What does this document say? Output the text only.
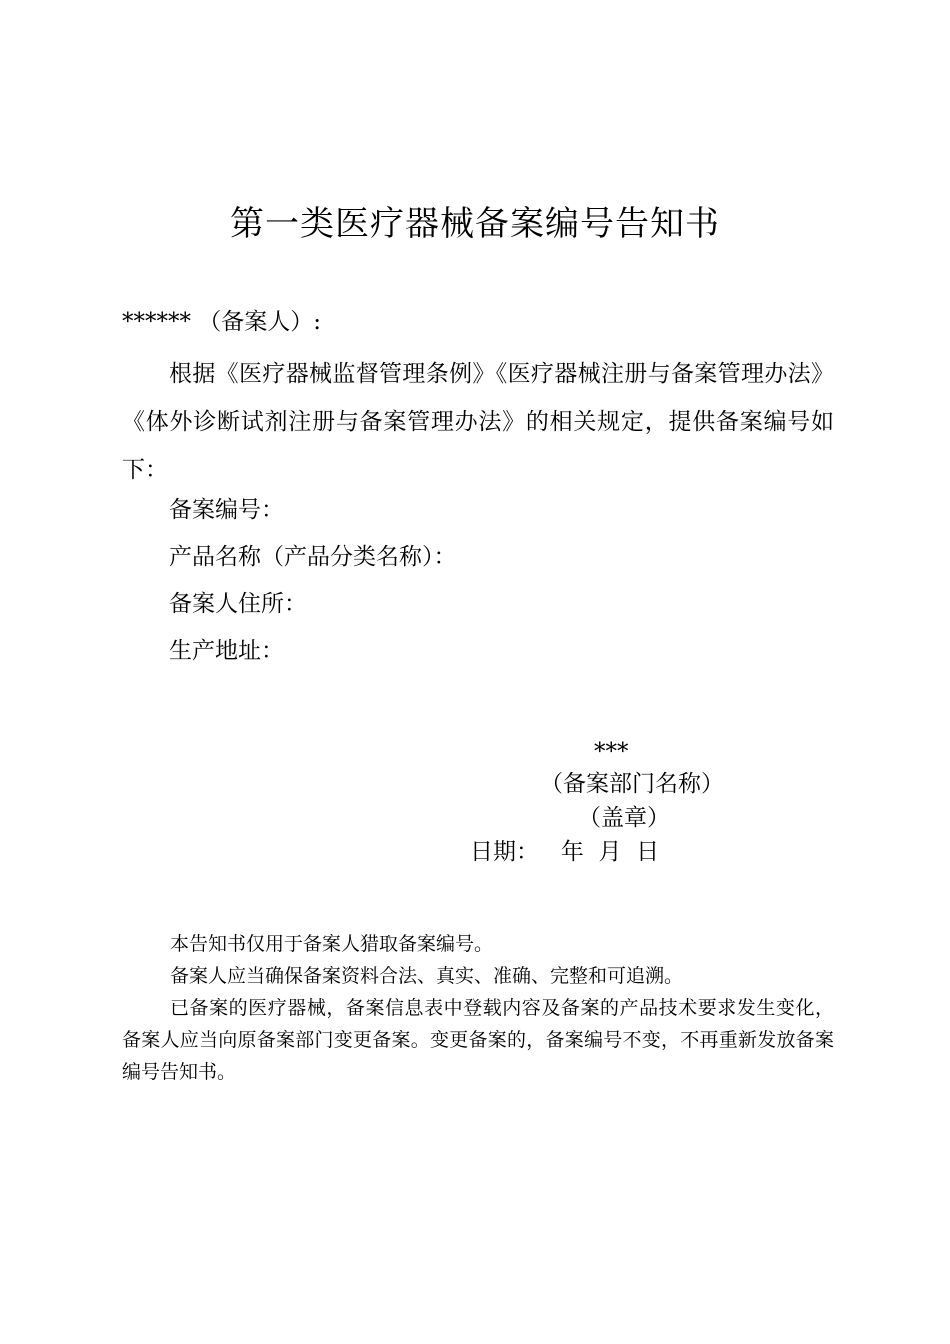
第一类医疗器械备案编号告知书
****** （备案人）:

根据《医疗器械监督管理条例》《医疗器械注册与备案管理办法》《体外诊断试剂注册与备案管理办法》的相关规定，提供备案编号如下：

备案编号：
产品名称（产品分类名称）：
备案人住所：
生产地址：
***
（备案部门名称）
（盖章）
日期：   年  月  日

本告知书仅用于备案人猎取备案编号。

备案人应当确保备案资料合法、真实、准确、完整和可追溯。

已备案的医疗器械，备案信息表中登载内容及备案的产品技术要求发生变化，备案人应当向原备案部门变更备案。变更备案的，备案编号不变，不再重新发放备案编号告知书。
